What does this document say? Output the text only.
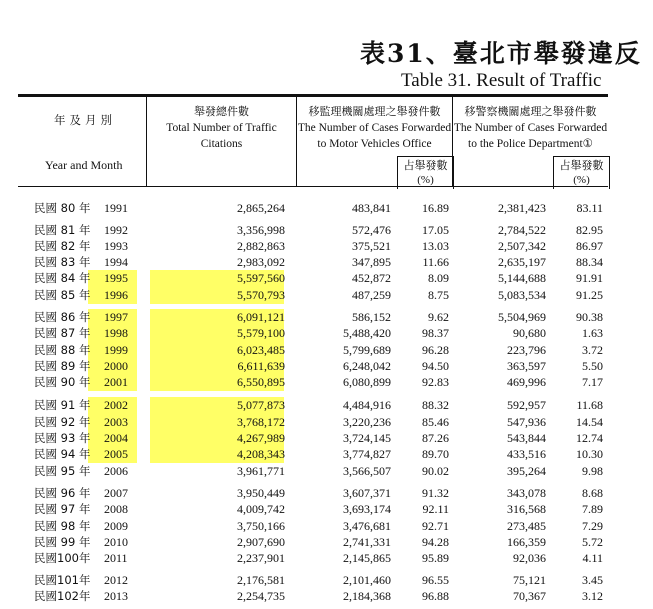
表31、臺北市舉發違反
Table 31. Result of Traffic
年及月別
Year and Month
舉發總件數
Total Number of Traffic
Citations
移監理機關處理之舉發件數
The Number of Cases Forwarded
to Motor Vehicles Office
移警察機關處理之舉發件數
The Number of Cases Forwarded
to the Police Department①
占舉發數
(%)
占舉發數
(%)
民國 80 年 1991	2,865,264	483,841	16.89	2,381,423	83.11
民國 81 年 1992	3,356,998	572,476	17.05	2,784,522	82.95
民國 82 年 1993	2,882,863	375,521	13.03	2,507,342	86.97
民國 83 年 1994	2,983,092	347,895	11.66	2,635,197	88.34
民國 84 年 1995	5,597,560	452,872	8.09	5,144,688	91.91
民國 85 年 1996	5,570,793	487,259	8.75	5,083,534	91.25
民國 86 年 1997	6,091,121	586,152	9.62	5,504,969	90.38
民國 87 年 1998	5,579,100	5,488,420	98.37	90,680	1.63
民國 88 年 1999	6,023,485	5,799,689	96.28	223,796	3.72
民國 89 年 2000	6,611,639	6,248,042	94.50	363,597	5.50
民國 90 年 2001	6,550,895	6,080,899	92.83	469,996	7.17
民國 91 年 2002	5,077,873	4,484,916	88.32	592,957	11.68
民國 92 年 2003	3,768,172	3,220,236	85.46	547,936	14.54
民國 93 年 2004	4,267,989	3,724,145	87.26	543,844	12.74
民國 94 年 2005	4,208,343	3,774,827	89.70	433,516	10.30
民國 95 年 2006	3,961,771	3,566,507	90.02	395,264	9.98
民國 96 年 2007	3,950,449	3,607,371	91.32	343,078	8.68
民國 97 年 2008	4,009,742	3,693,174	92.11	316,568	7.89
民國 98 年 2009	3,750,166	3,476,681	92.71	273,485	7.29
民國 99 年 2010	2,907,690	2,741,331	94.28	166,359	5.72
民國100年 2011	2,237,901	2,145,865	95.89	92,036	4.11
民國101年 2012	2,176,581	2,101,460	96.55	75,121	3.45
民國102年 2013	2,254,735	2,184,368	96.88	70,367	3.12
